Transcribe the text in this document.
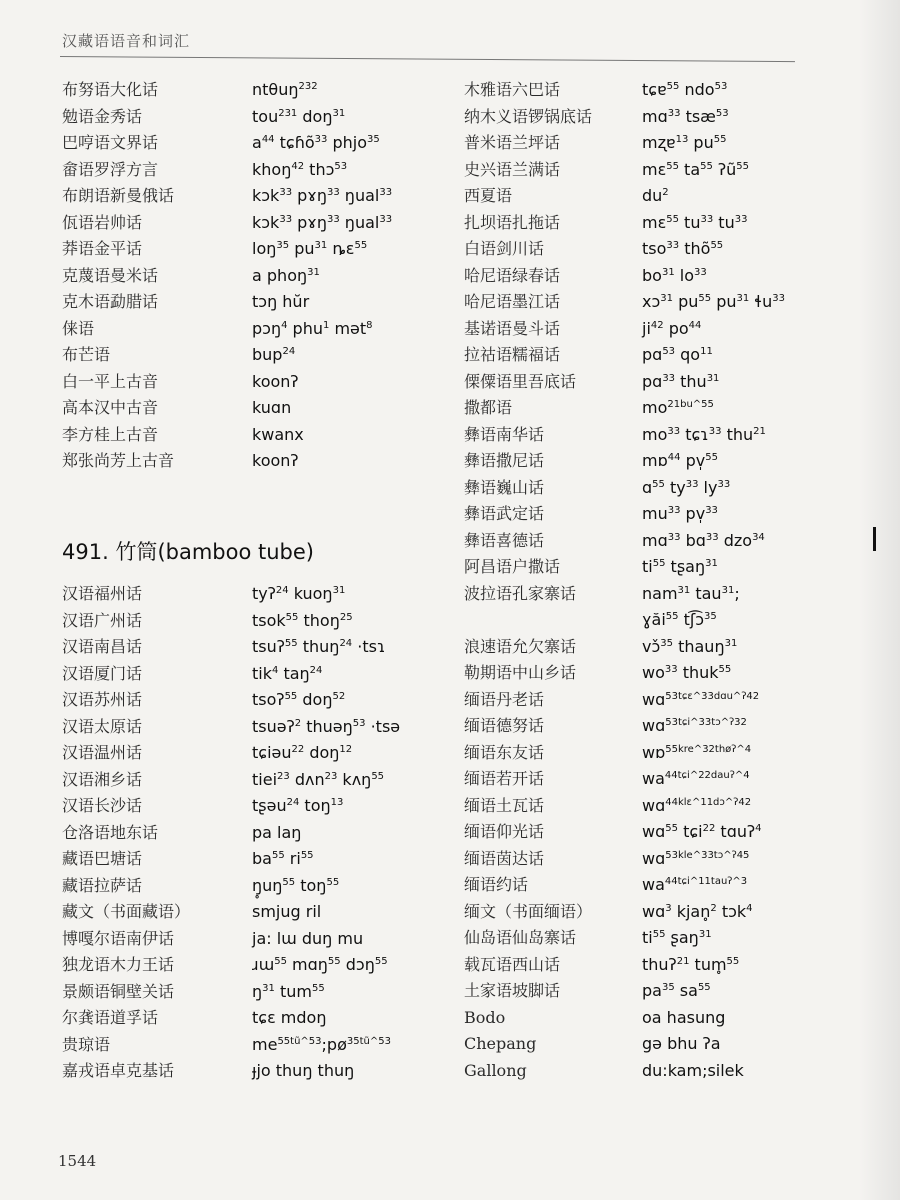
汉藏语语音和词汇
布努语大化话	ntθuŋ$^{232}$
勉语金秀话	tou$^{231}$ doŋ$^{31}$
巴哼语文界话	$a^{44}$ tɕɦõ$^{33}$ phjo$^{35}$
畲语罗浮方言	khoŋ$^{42}$ thɔ$^{53}$
布朗语新曼俄话	kɔk$^{33}$ pɤŋ$^{33}$ ŋual$^{33}$
佤语岩帅话	kɔk$^{33}$ pɤŋ$^{33}$ ŋual$^{33}$
莽语金平话	loŋ$^{35}$ $pu^{31}$ ȵɛ$^{55}$
克蔑语曼米话	a phoŋ$^{31}$
克木语勐腊话	tɔŋ hŭr
俫语	pɔŋ$^4$ phu$^1$ mət$^8$
布芒语	bup$^{24}$
白一平上古音	koonʔ
高本汉中古音	kuɑn
李方桂上古音	kwanx
郑张尚芳上古音	koonʔ
491. 竹筒(bamboo tube)
汉语福州话	tyʔ$^{24}$ kuoŋ$^{31}$
汉语广州话	tsok$^{55}$ thoŋ$^{25}$
汉语南昌话	tsuʔ$^{55}$ thuŋ$^{24}$ ·tsɿ
汉语厦门话	tik$^4$ taŋ$^{24}$
汉语苏州话	tsoʔ$^{55}$ doŋ$^{52}$
汉语太原话	tsuəʔ$^2$ thuəŋ$^{53}$ ·tsə
汉语温州话	tɕiəu$^{22}$ doŋ$^{12}$
汉语湘乡话	tiei$^{23}$ dʌn$^{23}$ kʌŋ$^{55}$
汉语长沙话	tʂəu$^{24}$ toŋ$^{13}$
仓洛语地东话	pa laŋ
藏语巴塘话	$ba^{55}$ $ri^{55}$
藏语拉萨话	$ŋ̥uŋ^{55}$ toŋ$^{55}$
藏文（书面藏语）	smjug ril
博嘎尔语南伊话	ja: lɯ duŋ mu
独龙语木力王话	ɹɯ$^{55}$ mɑŋ$^{55}$ dɔŋ$^{55}$
景颇语铜壁关话	$ŋ^{31}$ tum$^{55}$
尔龚语道孚话	tɕɛ mdoŋ
贵琼语	$me^{55tũ\^{}53};pø^{35tũ\^{}53}$
嘉戎语卓克基话	ɟjo thuŋ thuŋ
木雅语六巴话	tɕɐ$^{55}$ ndo$^{53}$
纳木义语锣锅底话	mɑ$^{33}$ tsæ$^{53}$
普米语兰坪话	mʐɐ$^{13}$ $pu^{55}$
史兴语兰满话	mɛ$^{55}$ $ta^{55}$ ʔũ$^{55}$
西夏语	$du^2$
扎坝语扎拖话	mɛ$^{55}$ $tu^{33}$ $tu^{33}$
白语剑川话	tso$^{33}$ thõ$^{55}$
哈尼语绿春话	$bo^{31}$ $lo^{33}$
哈尼语墨江话	xɔ$^{31}$ $pu^{55}$ $pu^{31}$ ɬu$^{33}$
基诺语曼斗话	$ji^{42}$ $po^{44}$
拉祜语糯福话	pɑ$^{53}$ $qo^{11}$
傈僳语里吾底话	pɑ$^{33}$ thu$^{31}$
撒都语	$mo^{21bu\^{}55}$
彝语南华话	$mo^{33}$ tɕɿ$^{33}$ thu$^{21}$
彝语撒尼话	mɒ$^{44}$ pv̩$^{55}$
彝语巍山话	ɑ$^{55}$ $ty^{33}$ $ly^{33}$
彝语武定话	$mu^{33}$ pv̩$^{33}$
彝语喜德话	mɑ$^{33}$ bɑ$^{33}$ dzo$^{34}$
阿昌语户撒话	$ti^{55}$ tʂaŋ$^{31}$
波拉语孔家寨话	nam$^{31}$ tau$^{31}$;
ɣăi$^{55}$ tʃ͡ɔ$^{35}$
浪速语允欠寨话	vɔ̌$^{35}$ thauŋ$^{31}$
勒期语中山乡话	$wo^{33}$ thuk$^{55}$
缅语丹老话	wɑ$^{53tɕɛ\^{}33dɑu\^{}ʔ42}$
缅语德努话	wɑ$^{53tɕi\^{}33tɔ\^{}ʔ32}$
缅语东友话	wɒ$^{55kre\^{}32thøʔ\^{}4}$
缅语若开话	$wa^{44tɕi\^{}22dauʔ\^{}4}$
缅语土瓦话	wɑ$^{44klɛ\^{}11dɔ\^{}ʔ42}$
缅语仰光话	wɑ$^{55}$ tɕi$^{22}$ tɑuʔ$^4$
缅语茵达话	wɑ$^{53kle\^{}33tɔ\^{}ʔ45}$
缅语约话	$wa^{44tɕi\^{}11tauʔ\^{}3}$
缅文（书面缅语）	wɑ$^3$ kjan̥$^2$ tɔk$^4$
仙岛语仙岛寨话	$ti^{55}$ ʂaŋ$^{31}$
载瓦语西山话	thuʔ$^{21}$ tum̥$^{55}$
土家语坡脚话	$pa^{35}$ $sa^{55}$
Bodo	oa hasung
Chepang	gə bhu ʔa
Gallong	du:kam;silek
1544
